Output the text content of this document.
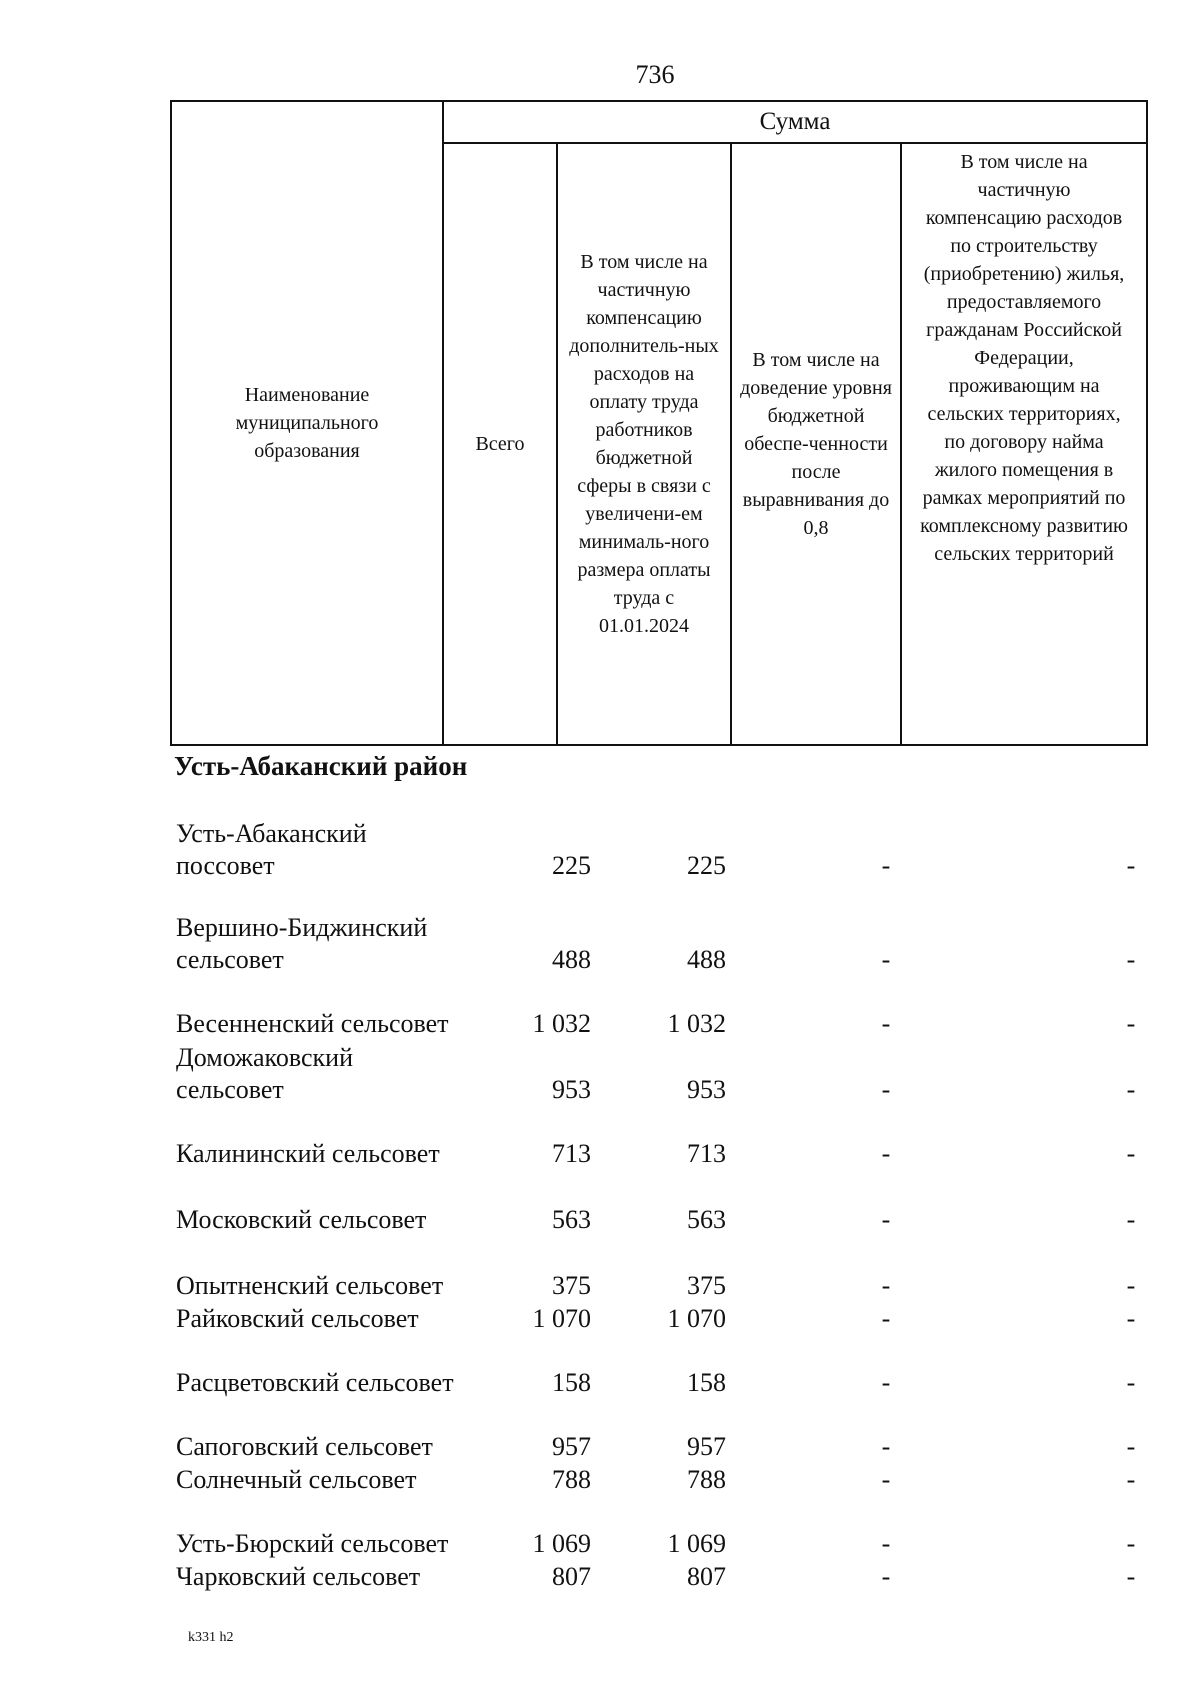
736
Наименование муниципального образования	Сумма			
	Всего	В том числе на частичную компенсацию дополнитель-ных расходов на оплату труда работников бюджетной сферы в связи с увеличени-ем минималь-ного размера оплаты труда с 01.01.2024	В том числе на доведение уровня бюджетной обеспе-ченности после выравнивания до 0,8	В том числе на частичную компенсацию расходов по строительству (приобретению) жилья, предоставляемого гражданам Российской Федерации, проживающим на сельских территориях, по договору найма жилого помещения в рамках мероприятий по комплексному развитию сельских территорий
Усть-Абаканский район
Усть-Абаканский поссовет	225	225	-	-
Вершино-Биджинский сельсовет	488	488	-	-
Весенненский сельсовет	1 032	1 032	-	-
Доможаковский сельсовет	953	953	-	-
Калининский сельсовет	713	713	-	-
Московский сельсовет	563	563	-	-
Опытненский сельсовет	375	375	-	-
Райковский сельсовет	1 070	1 070	-	-
Расцветовский сельсовет	158	158	-	-
Сапоговский сельсовет	957	957	-	-
Солнечный сельсовет	788	788	-	-
Усть-Бюрский сельсовет	1 069	1 069	-	-
Чарковский сельсовет	807	807	-	-
k331 h2
